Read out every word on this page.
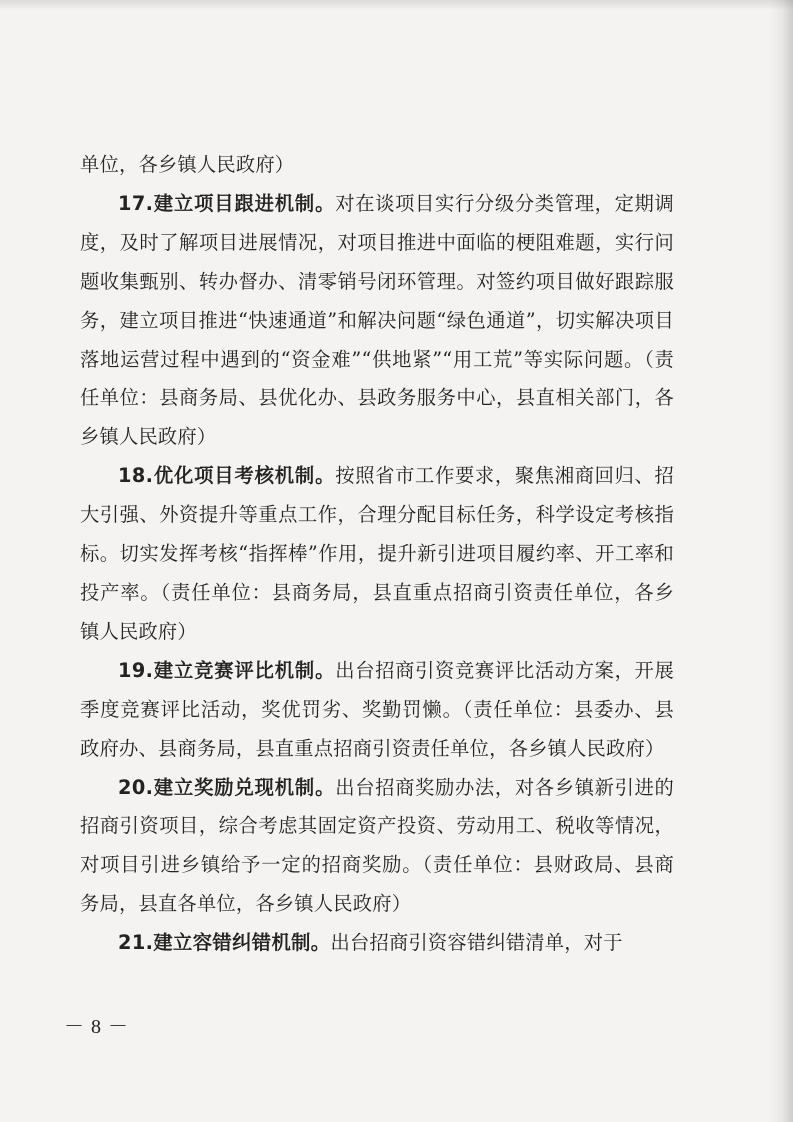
单位，各乡镇人民政府）

17.建立项目跟进机制。对在谈项目实行分级分类管理，定期调度，及时了解项目进展情况，对项目推进中面临的梗阻难题，实行问题收集甄别、转办督办、清零销号闭环管理。对签约项目做好跟踪服务，建立项目推进“快速通道”和解决问题“绿色通道”，切实解决项目落地运营过程中遇到的“资金难”“供地紧”“用工荒”等实际问题。（责任单位：县商务局、县优化办、县政务服务中心，县直相关部门，各乡镇人民政府）

18.优化项目考核机制。按照省市工作要求，聚焦湘商回归、招大引强、外资提升等重点工作，合理分配目标任务，科学设定考核指标。切实发挥考核“指挥棒”作用，提升新引进项目履约率、开工率和投产率。（责任单位：县商务局，县直重点招商引资责任单位，各乡镇人民政府）

19.建立竞赛评比机制。出台招商引资竞赛评比活动方案，开展季度竞赛评比活动，奖优罚劣、奖勤罚懒。（责任单位：县委办、县政府办、县商务局，县直重点招商引资责任单位，各乡镇人民政府）

20.建立奖励兑现机制。出台招商奖励办法，对各乡镇新引进的招商引资项目，综合考虑其固定资产投资、劳动用工、税收等情况，对项目引进乡镇给予一定的招商奖励。（责任单位：县财政局、县商务局，县直各单位，各乡镇人民政府）

21.建立容错纠错机制。出台招商引资容错纠错清单，对于

－ 8 －
